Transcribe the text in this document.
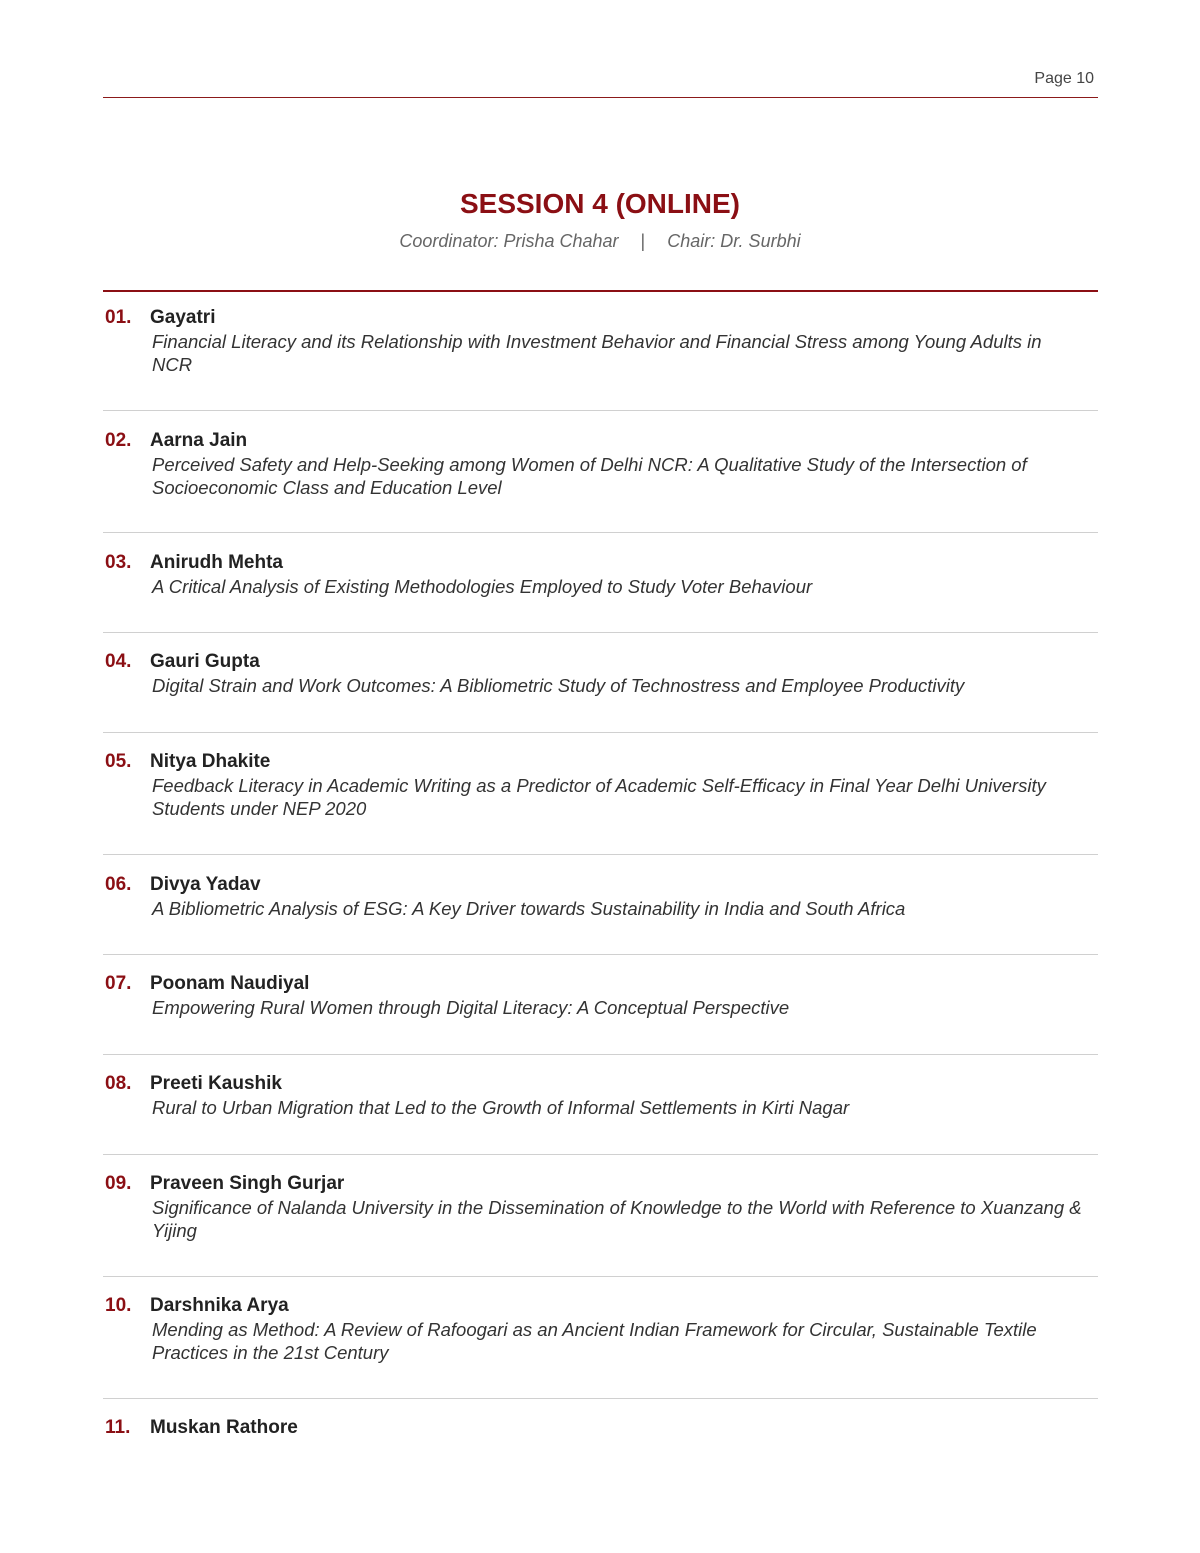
Page 10
SESSION 4 (ONLINE)
Coordinator: Prisha Chahar | Chair: Dr. Surbhi
01. Gayatri
Financial Literacy and its Relationship with Investment Behavior and Financial Stress among Young Adults in NCR
02. Aarna Jain
Perceived Safety and Help-Seeking among Women of Delhi NCR: A Qualitative Study of the Intersection of Socioeconomic Class and Education Level
03. Anirudh Mehta
A Critical Analysis of Existing Methodologies Employed to Study Voter Behaviour
04. Gauri Gupta
Digital Strain and Work Outcomes: A Bibliometric Study of Technostress and Employee Productivity
05. Nitya Dhakite
Feedback Literacy in Academic Writing as a Predictor of Academic Self-Efficacy in Final Year Delhi University Students under NEP 2020
06. Divya Yadav
A Bibliometric Analysis of ESG: A Key Driver towards Sustainability in India and South Africa
07. Poonam Naudiyal
Empowering Rural Women through Digital Literacy: A Conceptual Perspective
08. Preeti Kaushik
Rural to Urban Migration that Led to the Growth of Informal Settlements in Kirti Nagar
09. Praveen Singh Gurjar
Significance of Nalanda University in the Dissemination of Knowledge to the World with Reference to Xuanzang & Yijing
10. Darshnika Arya
Mending as Method: A Review of Rafoogari as an Ancient Indian Framework for Circular, Sustainable Textile Practices in the 21st Century
11. Muskan Rathore
